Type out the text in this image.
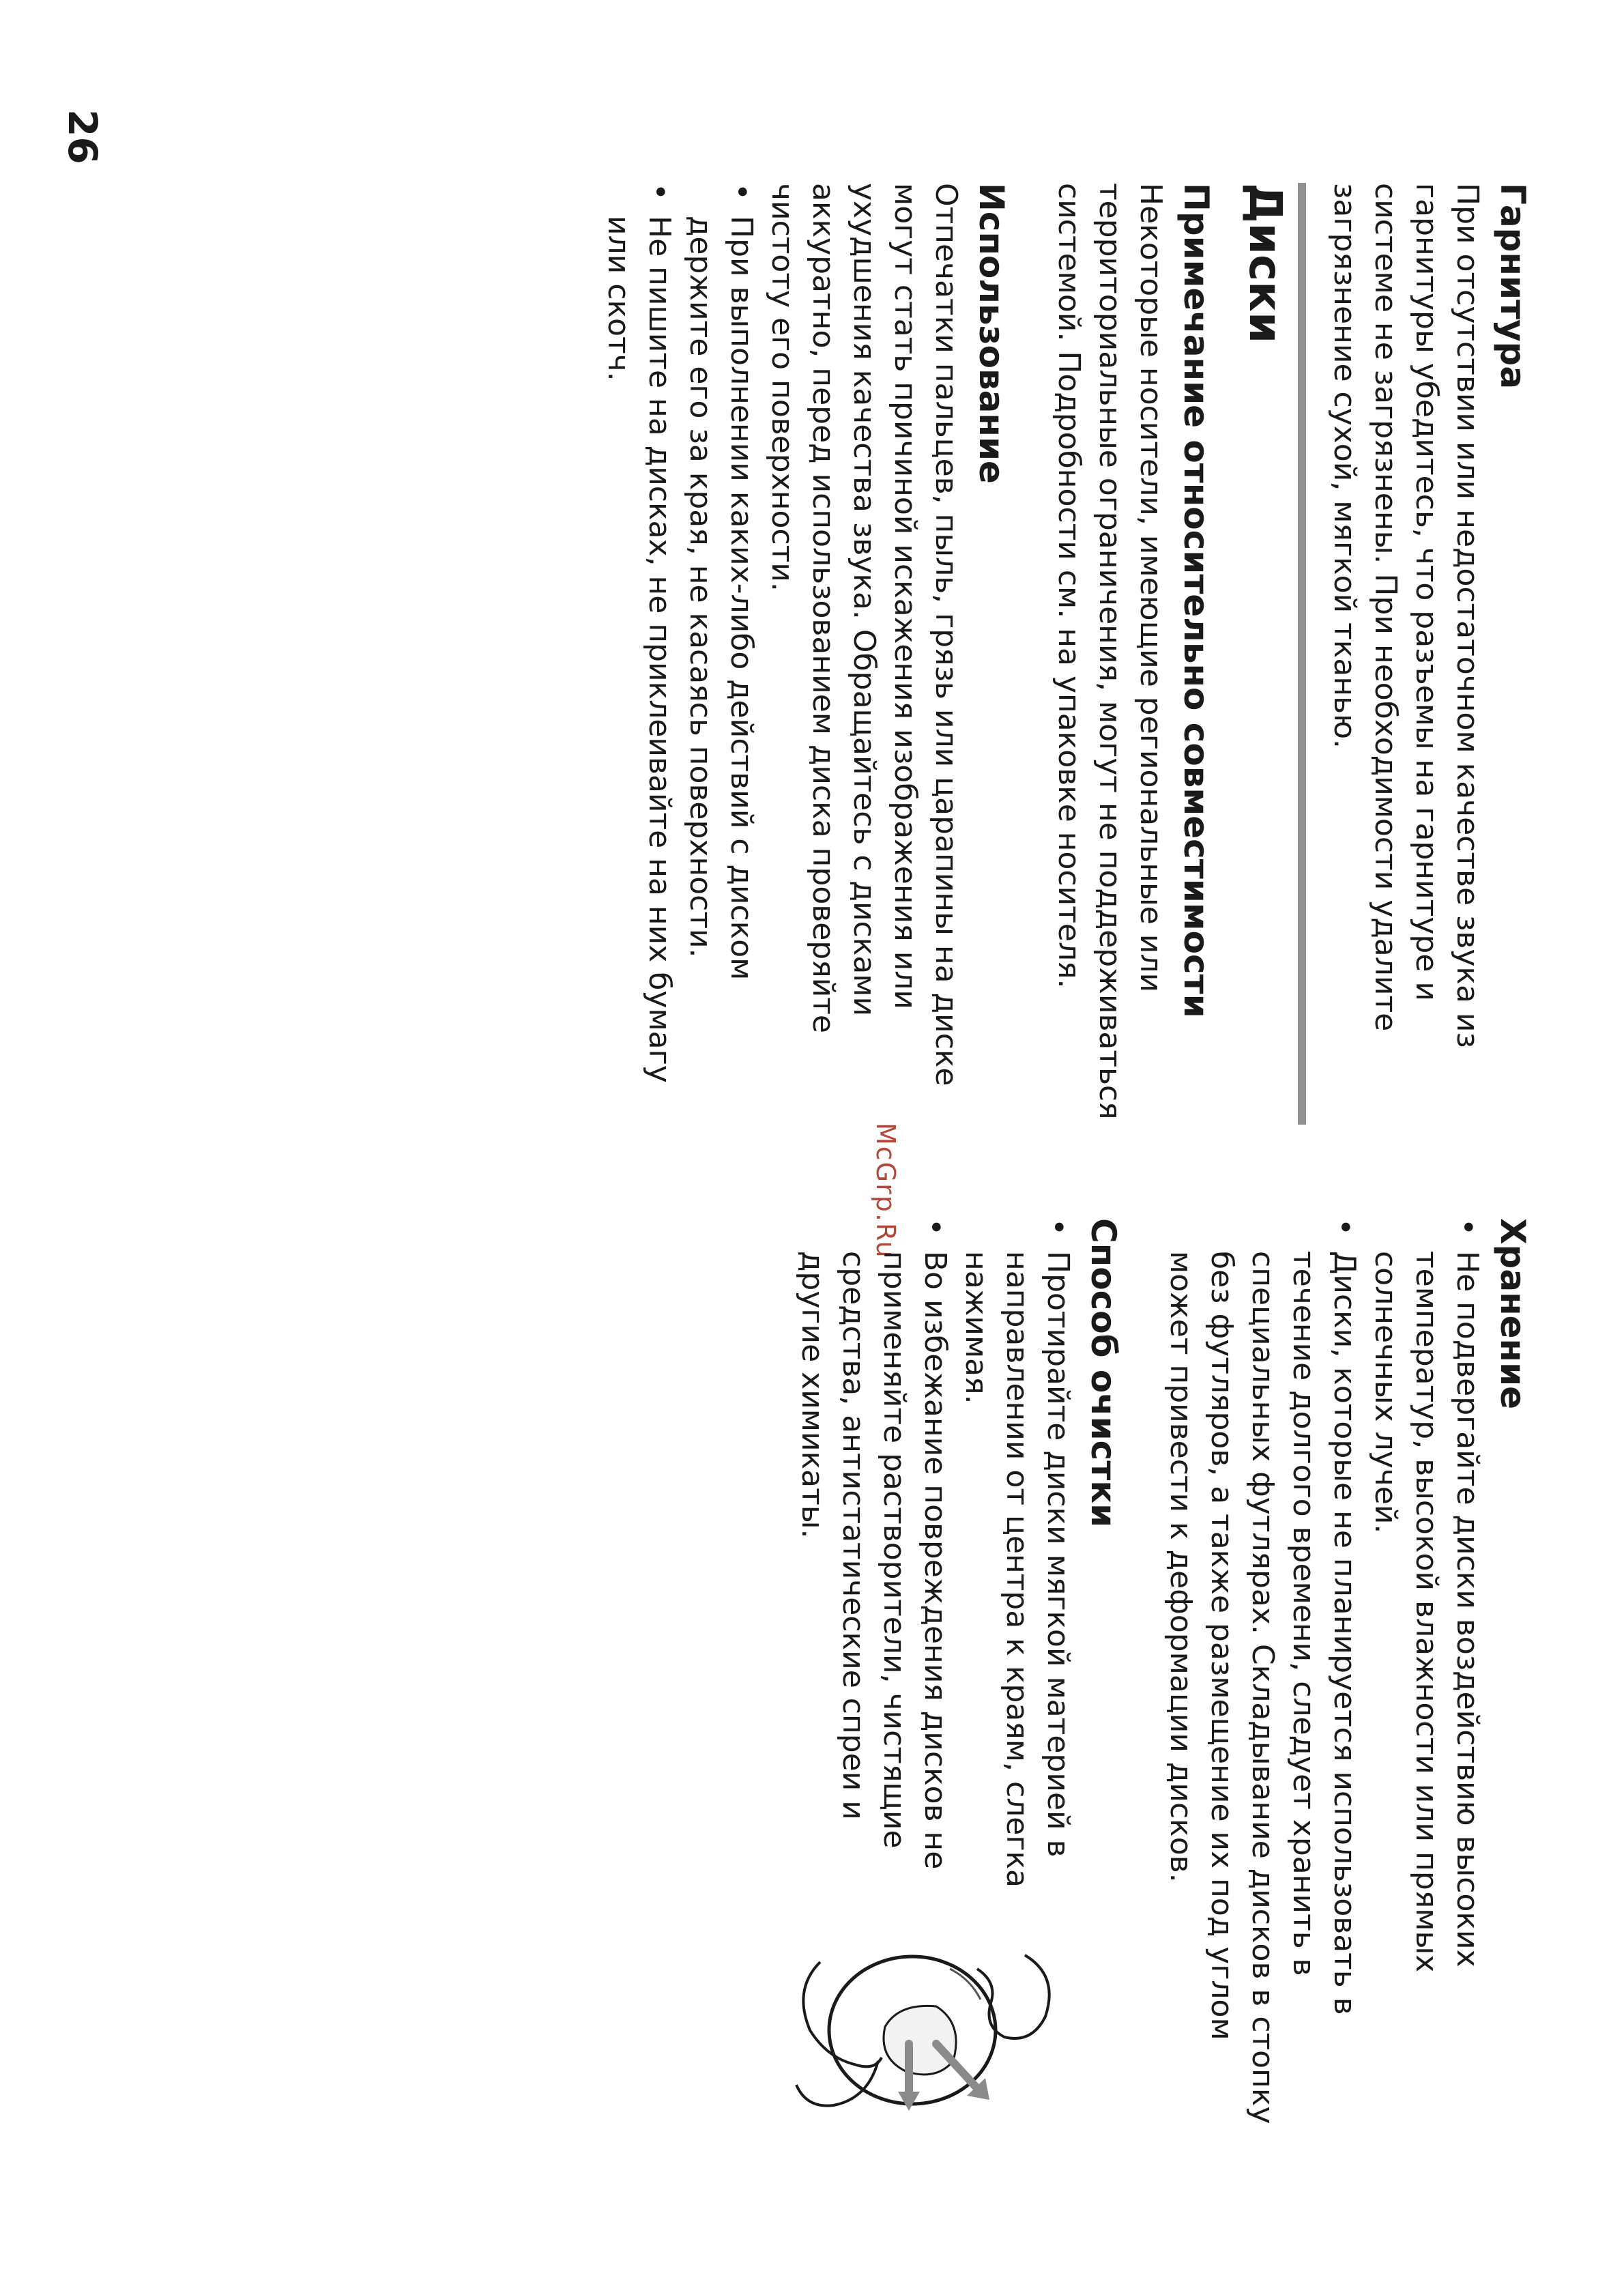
26
McGrp.Ru
Гарнитура

При отсутствии или недостаточном качестве звука из гарнитуры убедитесь, что разъемы на гарнитуре и системе не загрязнены. При необходимости удалите загрязнение сухой, мягкой тканью.

Диски
Примечание относительно совместимости

Некоторые носители, имеющие региональные или территориальные ограничения, могут не поддерживаться системой. Подробности см. на упаковке носителя.

Использование

Отпечатки пальцев, пыль, грязь или царапины на диске могут стать причиной искажения изображения или ухудшения качества звука. Обращайтесь с дисками аккуратно, перед использованием диска проверяйте чистоту его поверхности.

•
При выполнении каких-либо действий с диском держите его за края, не касаясь поверхности.
•
Не пишите на дисках, не приклеивайте на них бумагу или скотч.
Хранение
•
Не подвергайте диски воздействию высоких температур, высокой влажности или прямых солнечных лучей.
•
Диски, которые не планируется использовать в течение долгого времени, следует хранить в специальных футлярах. Складывание дисков в стопку без футляров, а также размещение их под углом может привести к деформации дисков.
Способ очистки
•
Протирайте диски мягкой материей в направлении от центра к краям, слегка нажимая.
•
Во избежание повреждения дисков не применяйте растворители, чистящие средства, антистатические спреи и другие химикаты.
